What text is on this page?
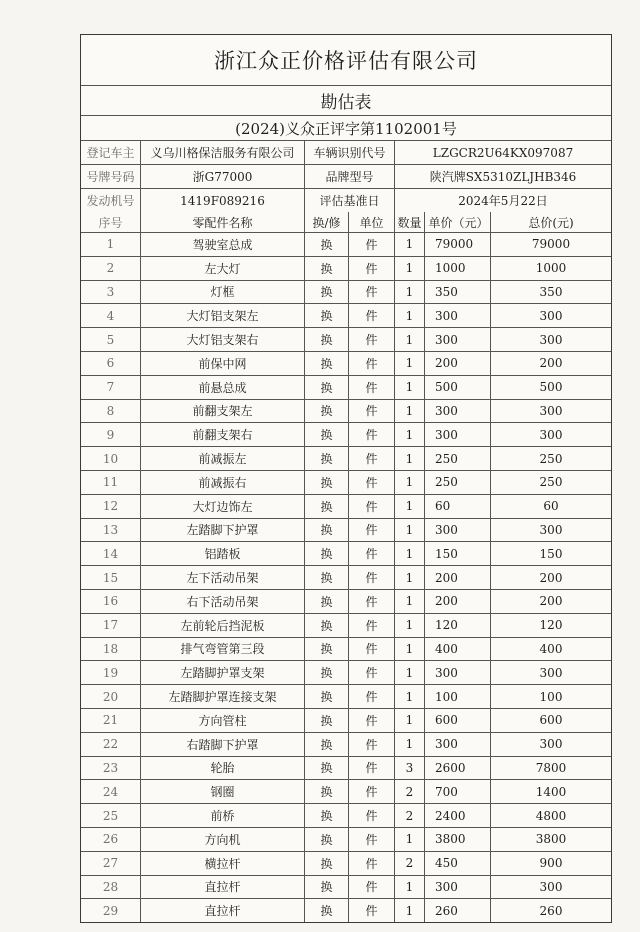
浙江众正价格评估有限公司
勘估表
(2024)义众正评字第1102001号
登记车主	义乌川格保洁服务有限公司	车辆识别代号	LZGCR2U64KX097087
号牌号码	浙G77000	品牌型号	陕汽牌SX5310ZLJHB346
发动机号	1419F089216	评估基准日	2024年5月22日
序号	零配件名称	换/修	单位	数量 单价（元）	总价(元)
1	驾驶室总成	换	件	1	79000	79000
2	左大灯	换	件	1	1000	1000
3	灯框	换	件	1	350	350
4	大灯铝支架左	换	件	1	300	300
5	大灯铝支架右	换	件	1	300	300
6	前保中网	换	件	1	200	200
7	前悬总成	换	件	1	500	500
8	前翻支架左	换	件	1	300	300
9	前翻支架右	换	件	1	300	300
10	前减振左	换	件	1	250	250
11	前减振右	换	件	1	250	250
12	大灯边饰左	换	件	1	60	60
13	左踏脚下护罩	换	件	1	300	300
14	铝踏板	换	件	1	150	150
15	左下活动吊架	换	件	1	200	200
16	右下活动吊架	换	件	1	200	200
17	左前轮后挡泥板	换	件	1	120	120
18	排气弯管第三段	换	件	1	400	400
19	左踏脚护罩支架	换	件	1	300	300
20	左踏脚护罩连接支架	换	件	1	100	100
21	方向管柱	换	件	1	600	600
22	右踏脚下护罩	换	件	1	300	300
23	轮胎	换	件	3	2600	7800
24	钢圈	换	件	2	700	1400
25	前桥	换	件	2	2400	4800
26	方向机	换	件	1	3800	3800
27	横拉杆	换	件	2	450	900
28	直拉杆	换	件	1	300	300
29	直拉杆	换	件	1	260	260
